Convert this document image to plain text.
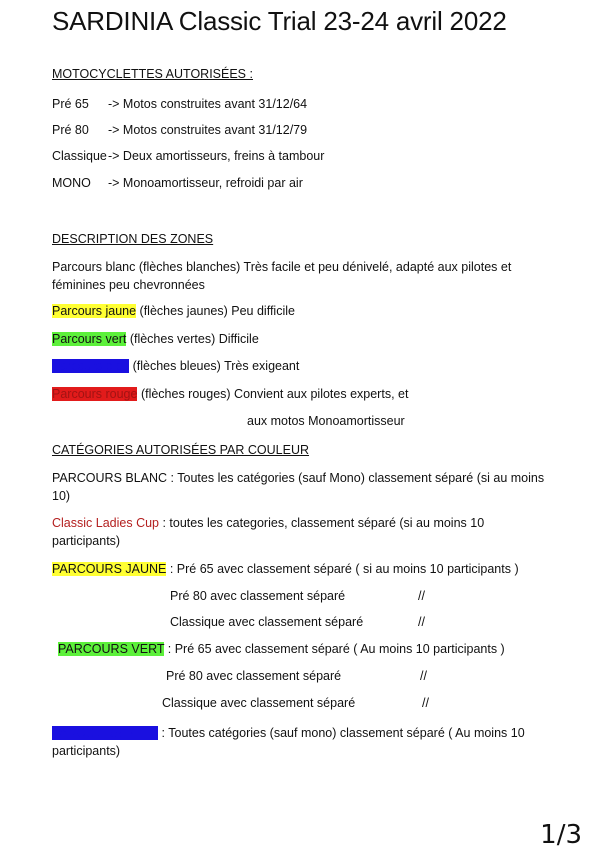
SARDINIA Classic Trial 23-24 avril 2022
MOTOCYCLETTES AUTORISÉES :
Pré 65 -> Motos construites avant 31/12/64
Pré 80 -> Motos construites avant 31/12/79
Classique -> Deux amortisseurs, freins à tambour
MONO -> Monoamortisseur, refroidi par air
DESCRIPTION DES ZONES
Parcours blanc (flèches blanches) Très facile et peu dénivelé, adapté aux pilotes et féminines peu chevronnées
Parcours jaune (flèches jaunes) Peu difficile
Parcours vert (flèches vertes) Difficile
Parcours bleu (flèches bleues) Très exigeant
Parcours rouge (flèches rouges) Convient aux pilotes experts, et
aux motos Monoamortisseur
CATÉGORIES AUTORISÉES PAR COULEUR
PARCOURS BLANC : Toutes les catégories (sauf Mono) classement séparé (si au moins 10)
Classic Ladies Cup : toutes les categories, classement séparé (si au moins 10 participants)
PARCOURS JAUNE : Pré 65 avec classement séparé ( si au moins 10 participants )
Pré 80 avec classement séparé	//
Classique avec classement séparé	//
PARCOURS VERT : Pré 65 avec classement séparé ( Au moins 10 participants )
Pré 80 avec classement séparé	//
Classique avec classement séparé	//
PARCOURS BLEU : Toutes catégories (sauf mono) classement séparé ( Au moins 10 participants)
1/3
